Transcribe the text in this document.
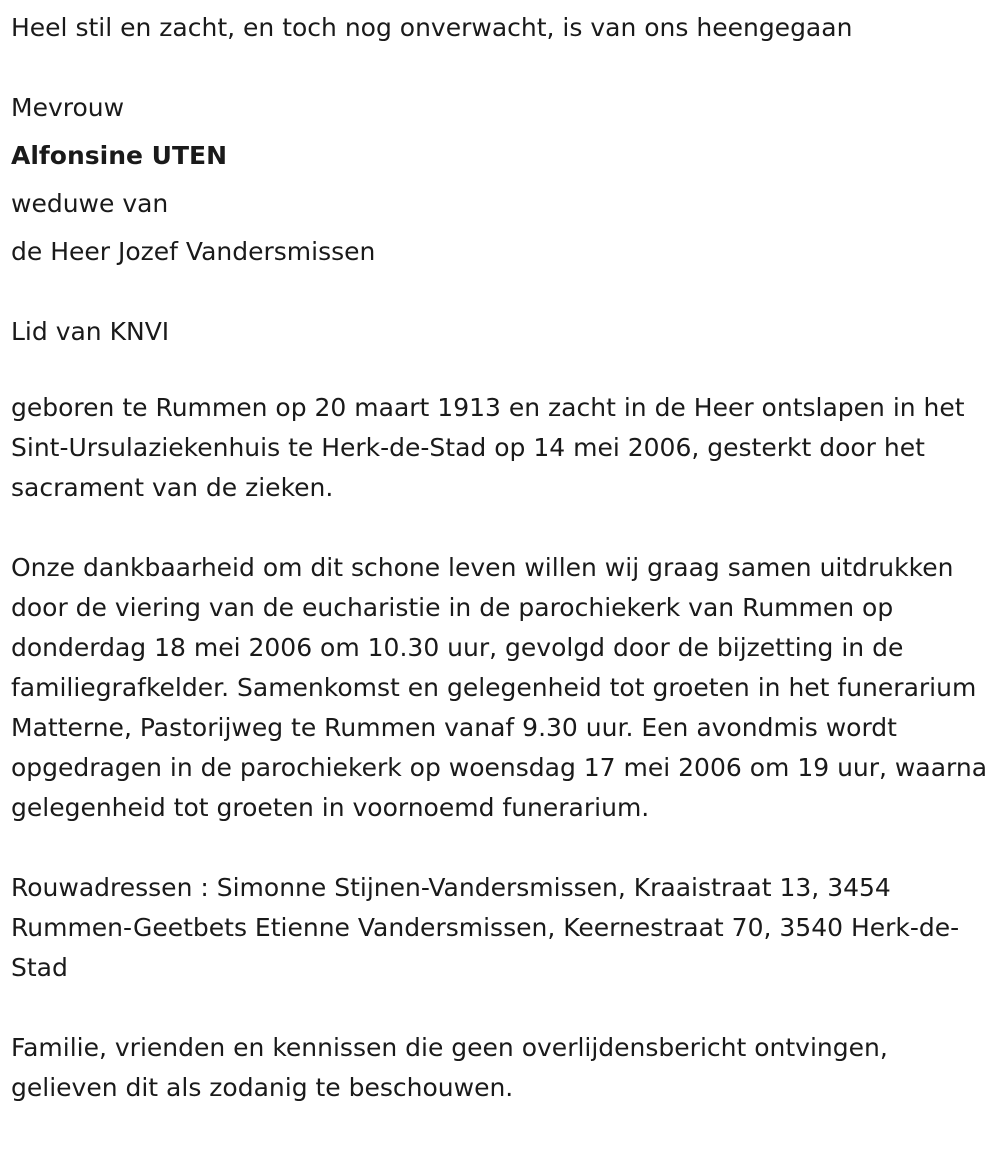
Heel stil en zacht, en toch nog onverwacht, is van ons heengegaan

Mevrouw

Alfonsine UTEN

weduwe van

de Heer Jozef Vandersmissen

Lid van KNVI

geboren te Rummen op 20 maart 1913 en zacht in de Heer ontslapen in het Sint-Ursulaziekenhuis te Herk-de-Stad op 14 mei 2006, gesterkt door het sacrament van de zieken.

Onze dankbaarheid om dit schone leven willen wij graag samen uitdrukken door de viering van de eucharistie in de parochiekerk van Rummen op donderdag 18 mei 2006 om 10.30 uur, gevolgd door de bijzetting in de familiegrafkelder. Samenkomst en gelegenheid tot groeten in het funerarium Matterne, Pastorijweg te Rummen vanaf 9.30 uur. Een avondmis wordt opgedragen in de parochiekerk op woensdag 17 mei 2006 om 19 uur, waarna gelegenheid tot groeten in voornoemd funerarium.

Rouwadressen : Simonne Stijnen-Vandersmissen, Kraaistraat 13, 3454 Rummen-Geetbets Etienne Vandersmissen, Keernestraat 70, 3540 Herk-de-Stad

Familie, vrienden en kennissen die geen overlijdensbericht ontvingen, gelieven dit als zodanig te beschouwen.
